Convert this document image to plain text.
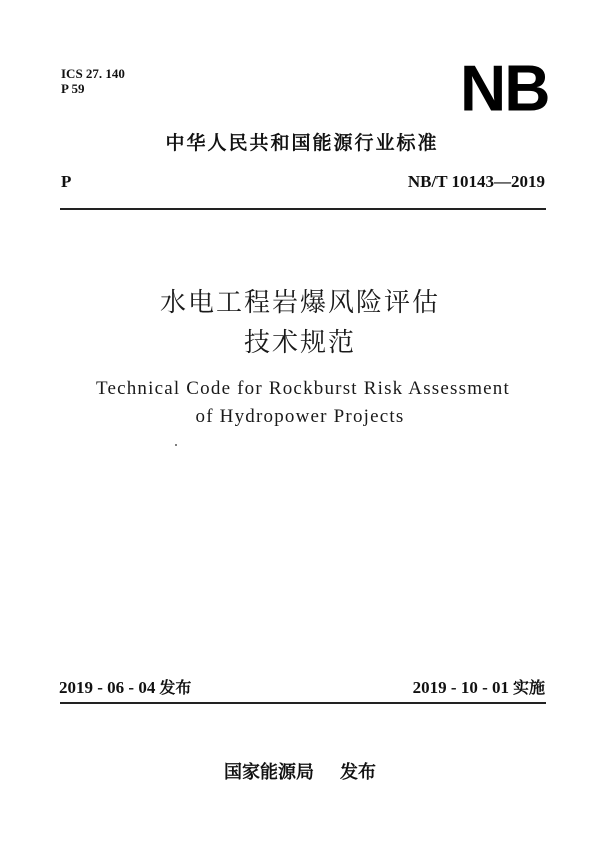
ICS 27. 140
P 59	NB
中华人民共和国能源行业标准
P	NB/T 10143—2019
水电工程岩爆风险评估
技术规范
Technical Code for Rockburst Risk Assessment
of Hydropower Projects
2019 - 06 - 04 发布	2019 - 10 - 01 实施
国家能源局 发布
